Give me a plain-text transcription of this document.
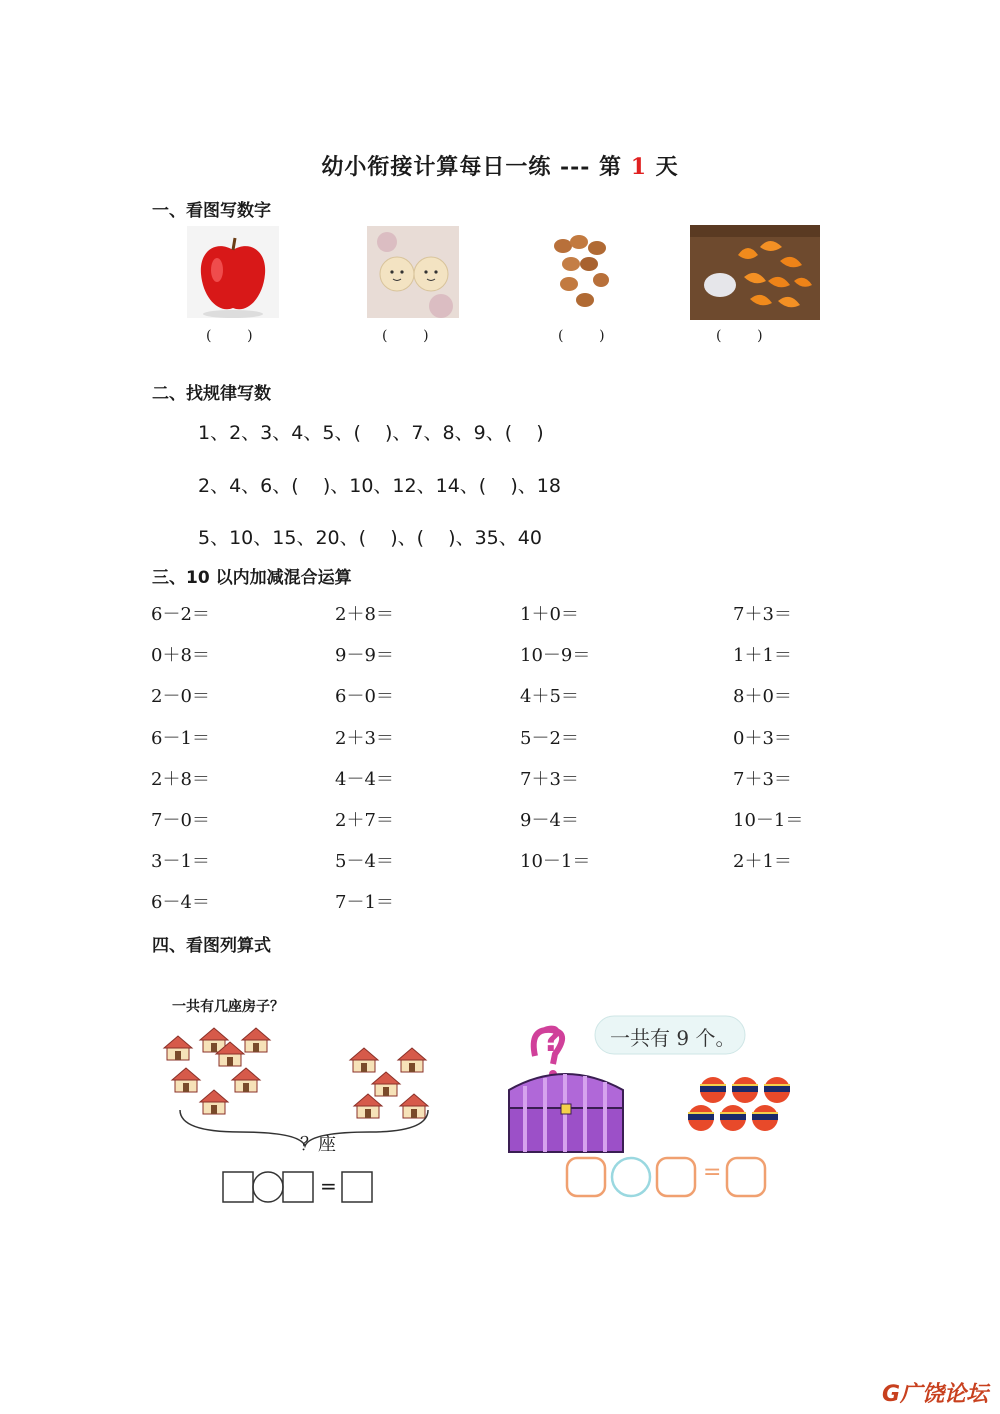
幼小衔接计算每日一练 --- 第 1 天
一、看图写数字
(        )	(        )	(        )	(        )
二、找规律写数
1、2、3、4、5、(    )、7、8、9、(    )
2、4、6、(    )、10、12、14、(    )、18
5、10、15、20、(    )、(    )、35、40
三、10 以内加减混合运算
6－2＝	2＋8＝	1＋0＝	7＋3＝
0＋8＝	9－9＝	10－9＝	1＋1＝
2－0＝	6－0＝	4＋5＝	8＋0＝
6－1＝	2＋3＝	5－2＝	0＋3＝
2＋8＝	4－4＝	7＋3＝	7＋3＝
7－0＝	2＋7＝	9－4＝	10－1＝
3－1＝	5－4＝	10－1＝	2＋1＝
6－4＝	7－1＝
四、看图列算式
一共有几座房子？
？座
=
一共有 9 个。
?
=
G广饶论坛
